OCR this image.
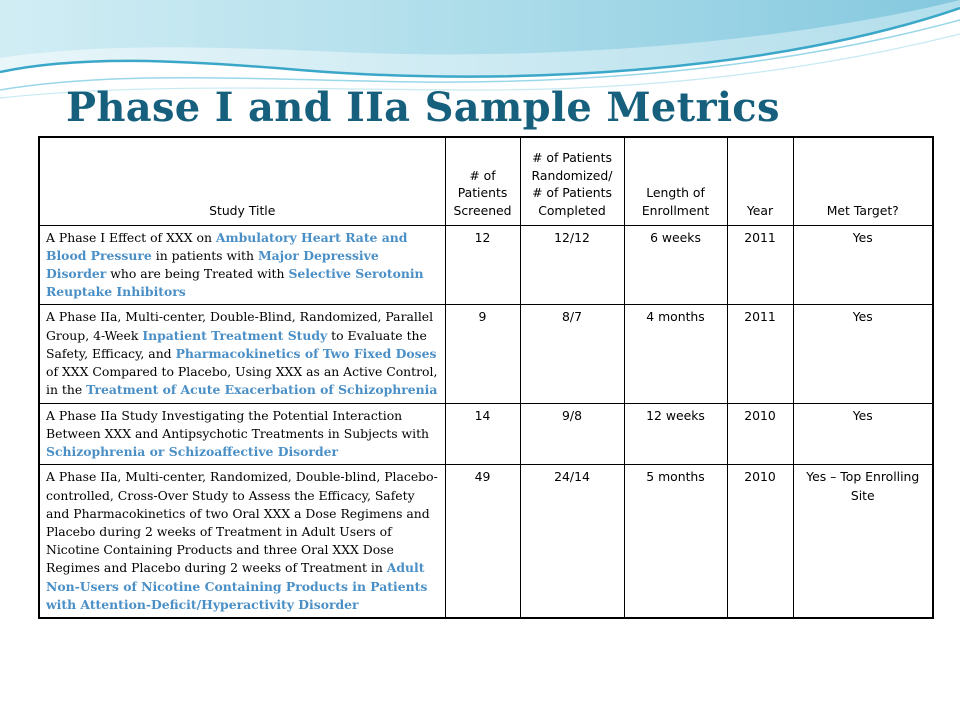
Phase I and IIa Sample Metrics
Study Title	# of Patients Screened	# of Patients Randomized/ # of Patients Completed	Length of Enrollment	Year	Met Target?
A Phase I Effect of XXX on Ambulatory Heart Rate and Blood Pressure in patients with Major Depressive Disorder who are being Treated with Selective Serotonin Reuptake Inhibitors	12	12/12	6 weeks	2011	Yes
A Phase IIa, Multi-center, Double-Blind, Randomized, Parallel Group, 4-Week Inpatient Treatment Study to Evaluate the Safety, Efficacy, and Pharmacokinetics of Two Fixed Doses of XXX Compared to Placebo, Using XXX as an Active Control, in the Treatment of Acute Exacerbation of Schizophrenia	9	8/7	4 months	2011	Yes
A Phase IIa Study Investigating the Potential Interaction Between XXX and Antipsychotic Treatments in Subjects with Schizophrenia or Schizoaffective Disorder	14	9/8	12 weeks	2010	Yes
A Phase IIa, Multi-center, Randomized, Double-blind, Placebo-controlled, Cross-Over Study to Assess the Efficacy, Safety and Pharmacokinetics of two Oral XXX a Dose Regimens and Placebo during 2 weeks of Treatment in Adult Users of Nicotine Containing Products and three Oral XXX Dose Regimes and Placebo during 2 weeks of Treatment in Adult Non-Users of Nicotine Containing Products in Patients with Attention-Deficit/Hyperactivity Disorder	49	24/14	5 months	2010	Yes – Top Enrolling Site
